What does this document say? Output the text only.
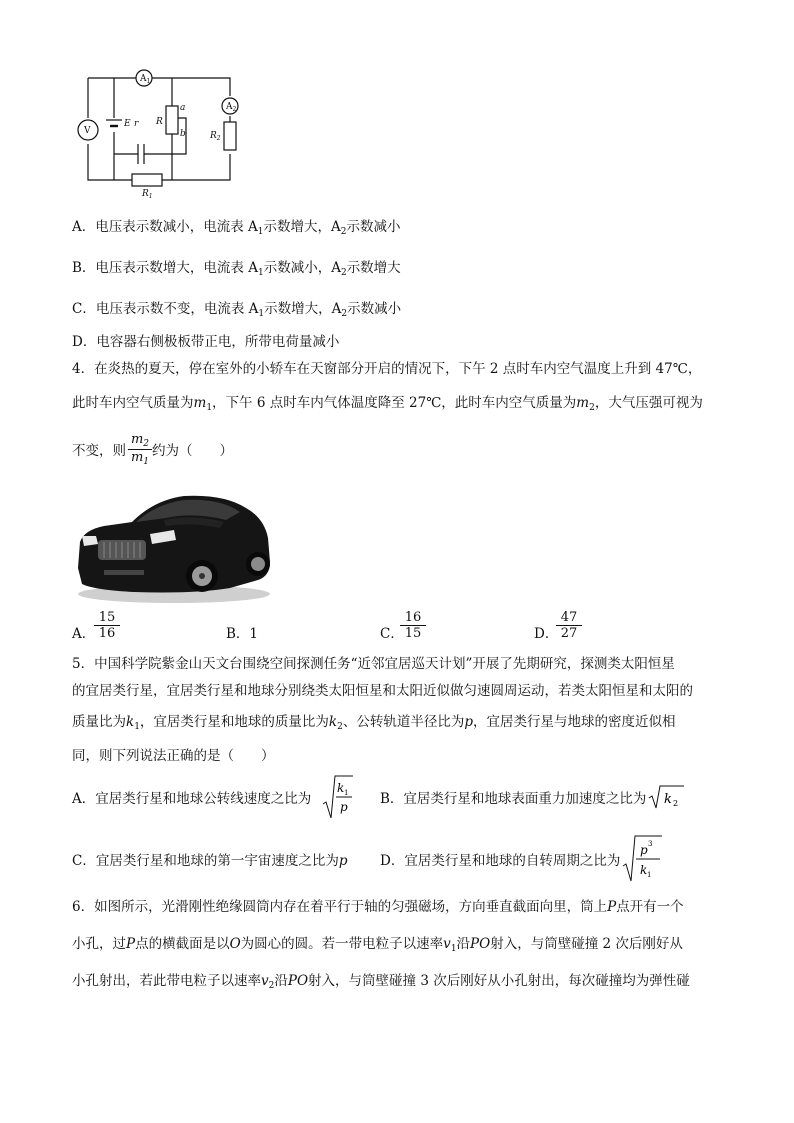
$A_1$
$A_2$
V
E r R
a
b	$R_2$
$R_1$
A．电压表示数减小，电流表 $A_1$示数增大，$A_2$示数减小
B．电压表示数增大，电流表 $A_1$示数减小，$A_2$示数增大
C．电压表示数不变，电流表 $A_1$示数增大，$A_2$示数减小
D．电容器右侧极板带正电，所带电荷量减小
4．在炎热的夏天，停在室外的小轿车在天窗部分开启的情况下，下午 2 点时车内空气温度上升到 47℃，
此时车内空气质量为$m_1$，下午 6 点时车内气体温度降至 27℃，此时车内空气质量为$m_2$，大气压强可视为
不变，则 约为（　　）
$\frac{m_2}{m_1}$
A．
$\frac{15}{16}$	B．1	C．
$\frac{16}{15}$	D．
$\frac{47}{27}$
5．中国科学院紫金山天文台围绕空间探测任务“近邻宜居巡天计划”开展了先期研究，探测类太阳恒星
的宜居类行星，宜居类行星和地球分别绕类太阳恒星和太阳近似做匀速圆周运动，若类太阳恒星和太阳的
质量比为$k_1$，宜居类行星和地球的质量比为$k_2$、公转轨道半径比为p，宜居类行星与地球的密度近似相
同，则下列说法正确的是（　　）
A．宜居类行星和地球公转线速度之比为
k 1
p B．宜居类行星和地球表面重力加速度之比为 k 2
C．宜居类行星和地球的第一宇宙速度之比为p D．宜居类行星和地球的自转周期之比为
p 3
k 1
6．如图所示，光滑刚性绝缘圆筒内存在着平行于轴的匀强磁场，方向垂直截面向里，筒上P点开有一个
小孔，过P点的横截面是以O为圆心的圆。若一带电粒子以速率$v_1$沿PO射入，与筒壁碰撞 2 次后刚好从
小孔射出，若此带电粒子以速率$v_2$沿PO射入，与筒壁碰撞 3 次后刚好从小孔射出，每次碰撞均为弹性碰
